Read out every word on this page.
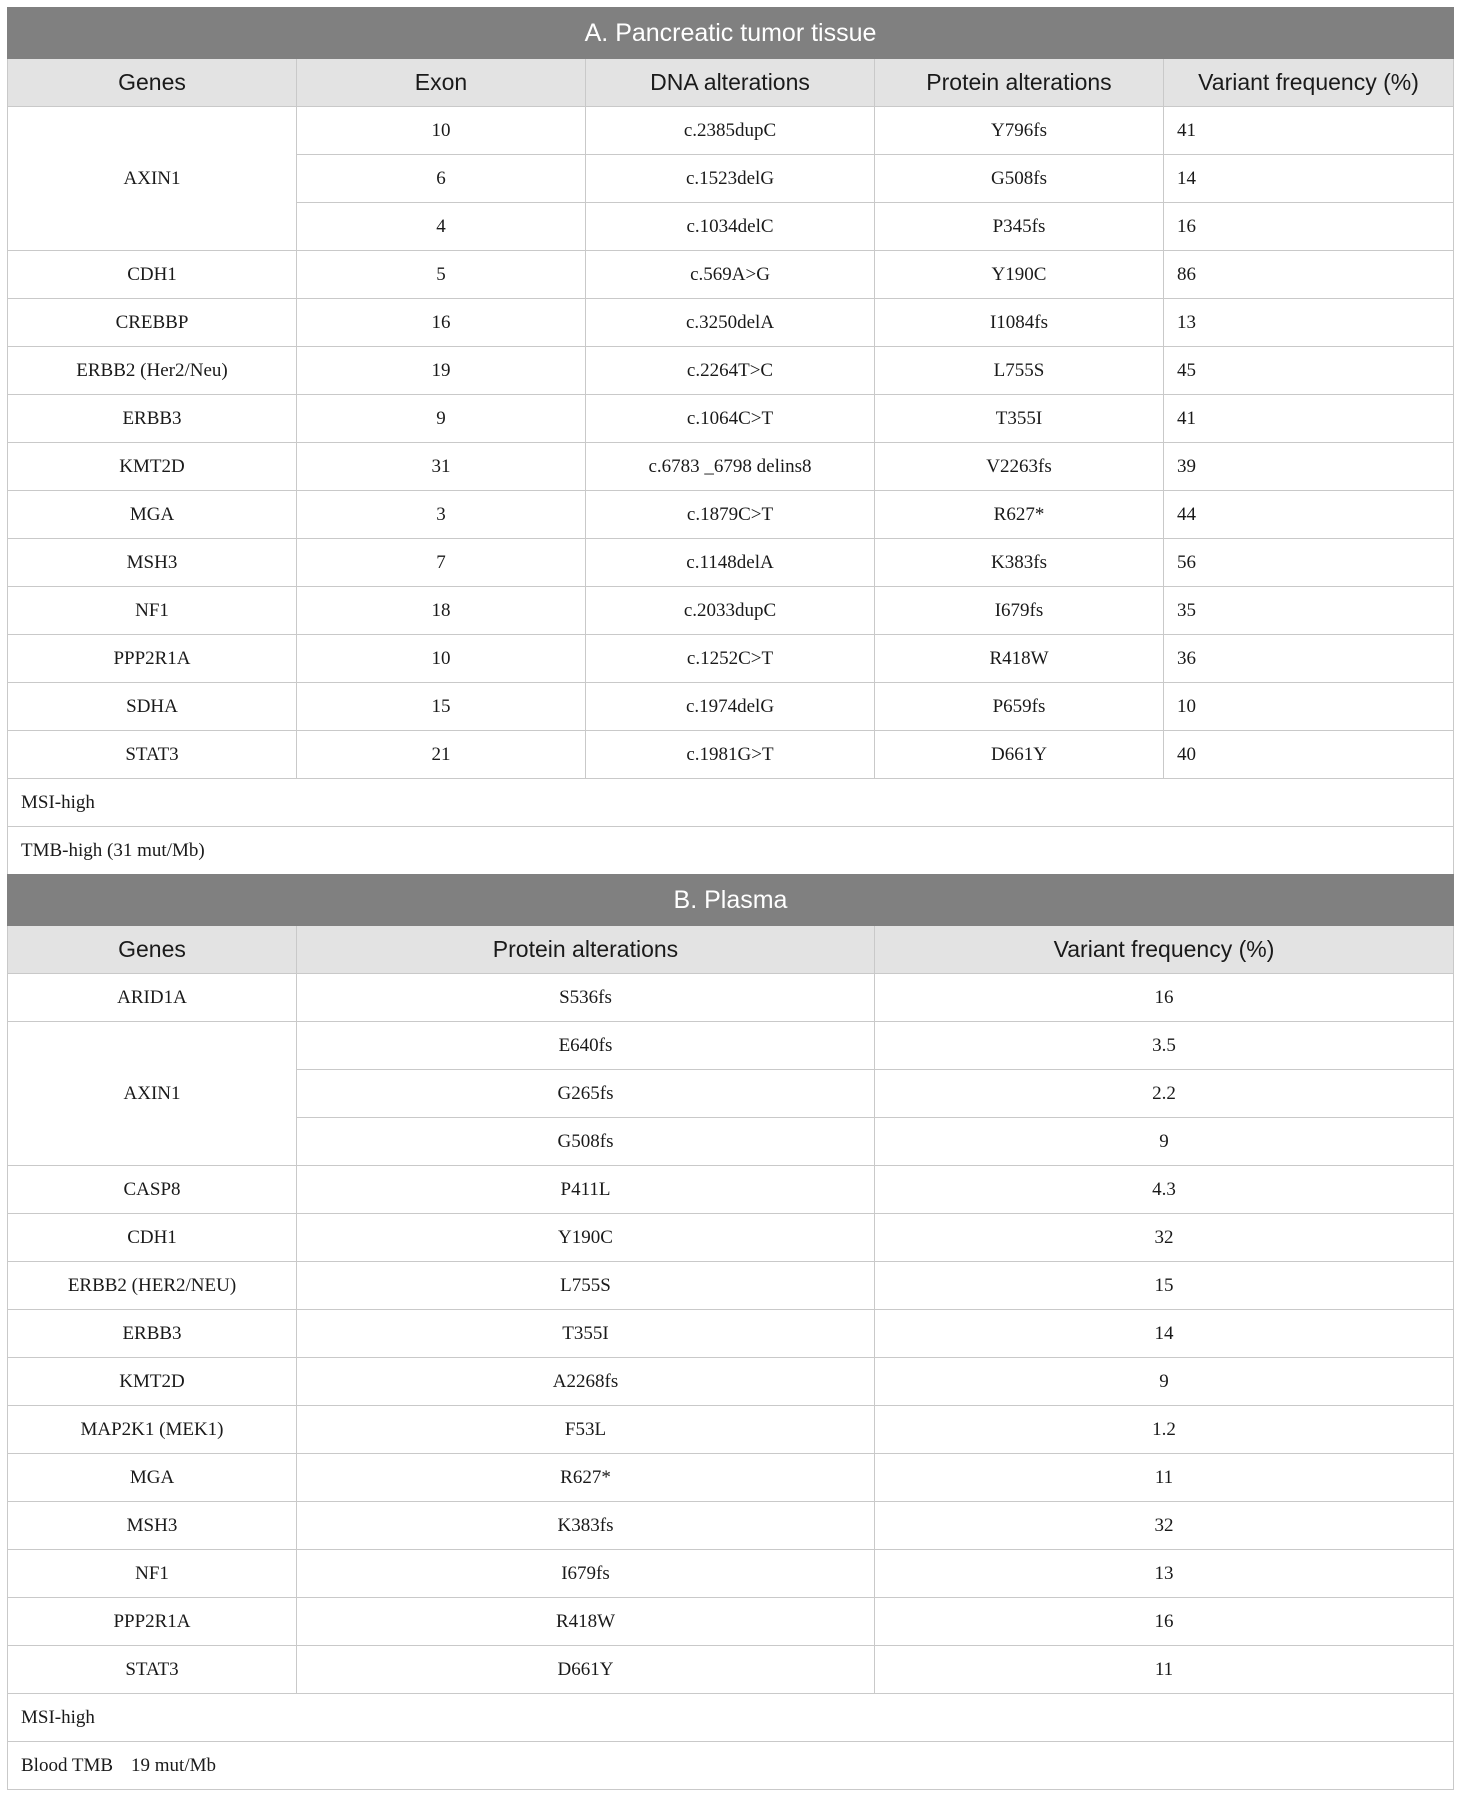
A. Pancreatic tumor tissue				
Genes	Exon	DNA alterations	Protein alterations	Variant frequency (%)
AXIN1	10	c.2385dupC	Y796fs	41
	6	c.1523delG	G508fs	14
	4	c.1034delC	P345fs	16
CDH1	5	c.569A>G	Y190C	86
CREBBP	16	c.3250delA	I1084fs	13
ERBB2 (Her2/Neu)	19	c.2264T>C	L755S	45
ERBB3	9	c.1064C>T	T355I	41
KMT2D	31	c.6783 _6798 delins8	V2263fs	39
MGA	3	c.1879C>T	R627*	44
MSH3	7	c.1148delA	K383fs	56
NF1	18	c.2033dupC	I679fs	35
PPP2R1A	10	c.1252C>T	R418W	36
SDHA	15	c.1974delG	P659fs	10
STAT3	21	c.1981G>T	D661Y	40
MSI-high				
TMB-high (31 mut/Mb)				
B. Plasma		
Genes	Protein alterations	Variant frequency (%)
ARID1A	S536fs	16
AXIN1	E640fs	3.5
	G265fs	2.2
	G508fs	9
CASP8	P411L	4.3
CDH1	Y190C	32
ERBB2 (HER2/NEU)	L755S	15
ERBB3	T355I	14
KMT2D	A2268fs	9
MAP2K1 (MEK1)	F53L	1.2
MGA	R627*	11
MSH3	K383fs	32
NF1	I679fs	13
PPP2R1A	R418W	16
STAT3	D661Y	11
MSI-high		
Blood TMB 19 mut/Mb		
